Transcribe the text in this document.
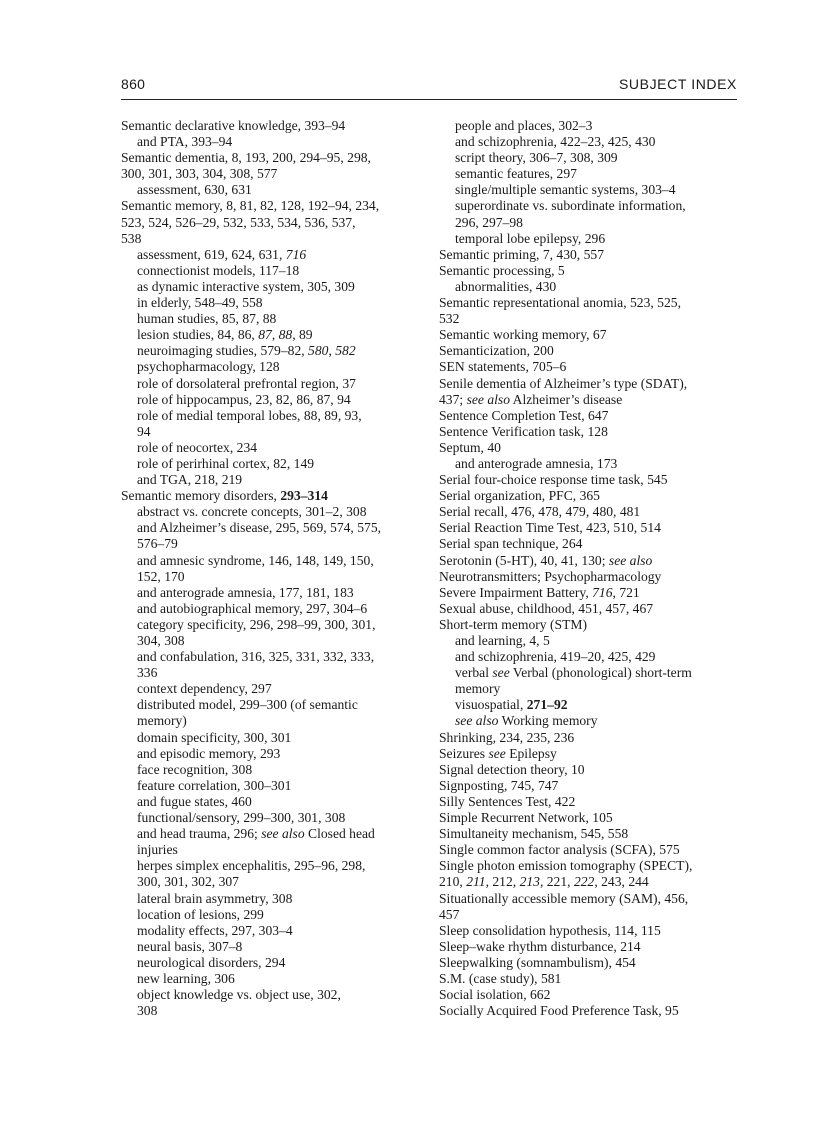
860	SUBJECT INDEX
Semantic declarative knowledge, 393–94
and PTA, 393–94
Semantic dementia, 8, 193, 200, 294–95, 298,
300, 301, 303, 304, 308, 577
assessment, 630, 631
Semantic memory, 8, 81, 82, 128, 192–94, 234,
523, 524, 526–29, 532, 533, 534, 536, 537,
538
assessment, 619, 624, 631, 716
connectionist models, 117–18
as dynamic interactive system, 305, 309
in elderly, 548–49, 558
human studies, 85, 87, 88
lesion studies, 84, 86, 87, 88, 89
neuroimaging studies, 579–82, 580, 582
psychopharmacology, 128
role of dorsolateral prefrontal region, 37
role of hippocampus, 23, 82, 86, 87, 94
role of medial temporal lobes, 88, 89, 93,
94
role of neocortex, 234
role of perirhinal cortex, 82, 149
and TGA, 218, 219
Semantic memory disorders, 293–314
abstract vs. concrete concepts, 301–2, 308
and Alzheimer’s disease, 295, 569, 574, 575,
576–79
and amnesic syndrome, 146, 148, 149, 150,
152, 170
and anterograde amnesia, 177, 181, 183
and autobiographical memory, 297, 304–6
category specificity, 296, 298–99, 300, 301,
304, 308
and confabulation, 316, 325, 331, 332, 333,
336
context dependency, 297
distributed model, 299–300 (of semantic
memory)
domain specificity, 300, 301
and episodic memory, 293
face recognition, 308
feature correlation, 300–301
and fugue states, 460
functional/sensory, 299–300, 301, 308
and head trauma, 296; see also Closed head
injuries
herpes simplex encephalitis, 295–96, 298,
300, 301, 302, 307
lateral brain asymmetry, 308
location of lesions, 299
modality effects, 297, 303–4
neural basis, 307–8
neurological disorders, 294
new learning, 306
object knowledge vs. object use, 302,
308
people and places, 302–3
and schizophrenia, 422–23, 425, 430
script theory, 306–7, 308, 309
semantic features, 297
single/multiple semantic systems, 303–4
superordinate vs. subordinate information,
296, 297–98
temporal lobe epilepsy, 296
Semantic priming, 7, 430, 557
Semantic processing, 5
abnormalities, 430
Semantic representational anomia, 523, 525,
532
Semantic working memory, 67
Semanticization, 200
SEN statements, 705–6
Senile dementia of Alzheimer’s type (SDAT),
437; see also Alzheimer’s disease
Sentence Completion Test, 647
Sentence Verification task, 128
Septum, 40
and anterograde amnesia, 173
Serial four-choice response time task, 545
Serial organization, PFC, 365
Serial recall, 476, 478, 479, 480, 481
Serial Reaction Time Test, 423, 510, 514
Serial span technique, 264
Serotonin (5-HT), 40, 41, 130; see also
Neurotransmitters; Psychopharmacology
Severe Impairment Battery, 716, 721
Sexual abuse, childhood, 451, 457, 467
Short-term memory (STM)
and learning, 4, 5
and schizophrenia, 419–20, 425, 429
verbal see Verbal (phonological) short-term
memory
visuospatial, 271–92
see also Working memory
Shrinking, 234, 235, 236
Seizures see Epilepsy
Signal detection theory, 10
Signposting, 745, 747
Silly Sentences Test, 422
Simple Recurrent Network, 105
Simultaneity mechanism, 545, 558
Single common factor analysis (SCFA), 575
Single photon emission tomography (SPECT),
210, 211, 212, 213, 221, 222, 243, 244
Situationally accessible memory (SAM), 456,
457
Sleep consolidation hypothesis, 114, 115
Sleep–wake rhythm disturbance, 214
Sleepwalking (somnambulism), 454
S.M. (case study), 581
Social isolation, 662
Socially Acquired Food Preference Task, 95
